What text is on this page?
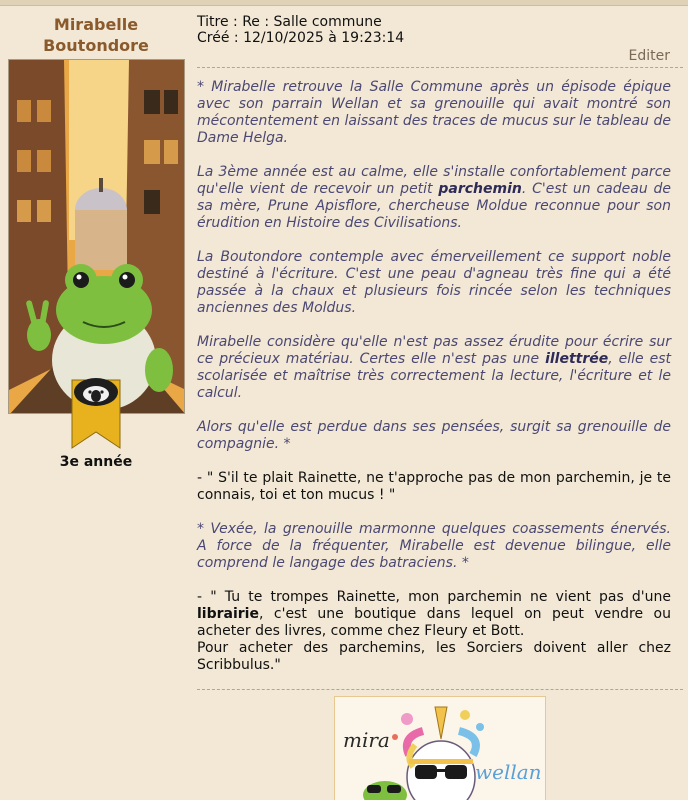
Mirabelle
Boutondore
3e année
Titre : Re : Salle commune
Créé : 12/10/2025 à 19:23:14
Editer

* Mirabelle retrouve la Salle Commune après un épisode épique avec son parrain Wellan et sa grenouille qui avait montré son mécontentement en laissant des traces de mucus sur le tableau de Dame Helga.

La 3ème année est au calme, elle s'installe confortablement parce qu'elle vient de recevoir un petit parchemin. C'est un cadeau de sa mère, Prune Apisflore, chercheuse Moldue reconnue pour son érudition en Histoire des Civilisations.

La Boutondore contemple avec émerveillement ce support noble destiné à l'écriture. C'est une peau d'agneau très fine qui a été passée à la chaux et plusieurs fois rincée selon les techniques anciennes des Moldus.

Mirabelle considère qu'elle n'est pas assez érudite pour écrire sur ce précieux matériau. Certes elle n'est pas une illettrée, elle est scolarisée et maîtrise très correctement la lecture, l'écriture et le calcul.

Alors qu'elle est perdue dans ses pensées, surgit sa grenouille de compagnie. *

- " S'il te plait Rainette, ne t'approche pas de mon parchemin, je te connais, toi et ton mucus ! "

* Vexée, la grenouille marmonne quelques coassements énervés. A force de la fréquenter, Mirabelle est devenue bilingue, elle comprend le langage des batraciens. *

- " Tu te trompes Rainette, mon parchemin ne vient pas d'une librairie, c'est une boutique dans lequel on peut vendre ou acheter des livres, comme chez Fleury et Bott.
Pour acheter des parchemins, les Sorciers doivent aller chez Scribbulus."

mira
wellan
